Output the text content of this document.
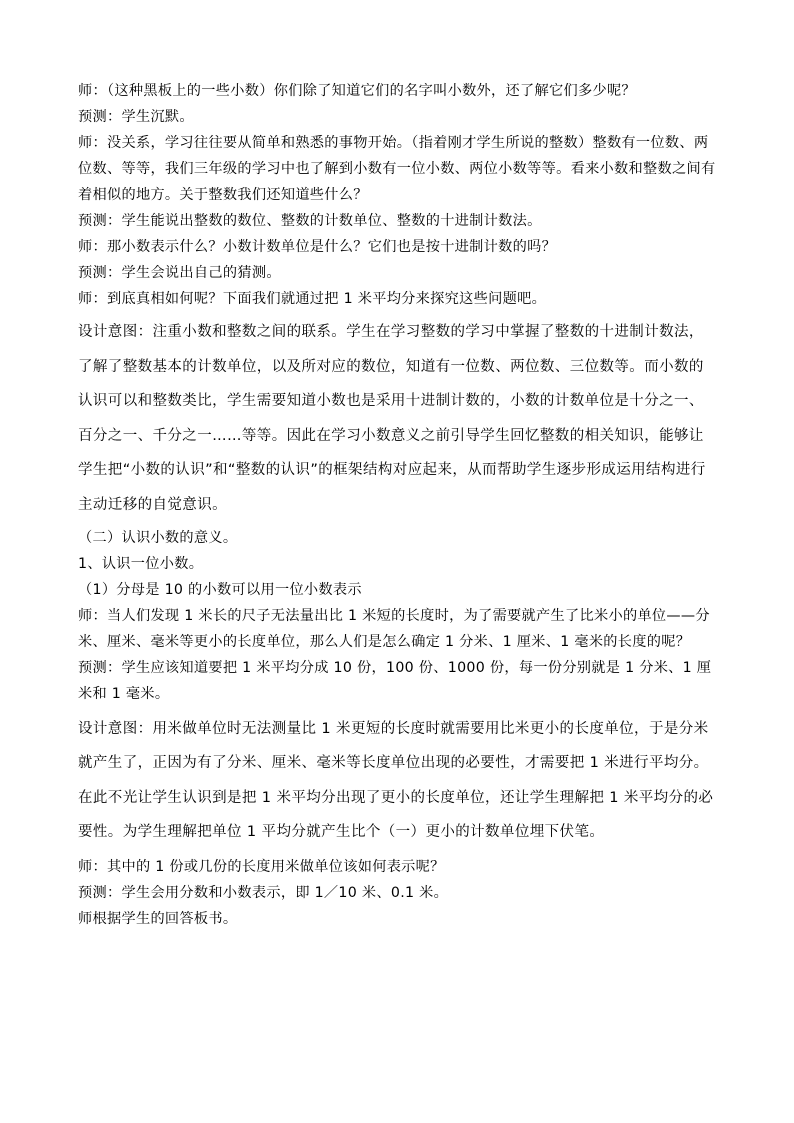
师：（这种黑板上的一些小数）你们除了知道它们的名字叫小数外，还了解它们多少呢？

预测：学生沉默。

师：没关系，学习往往要从简单和熟悉的事物开始。（指着刚才学生所说的整数）整数有一位数、两位数、等等，我们三年级的学习中也了解到小数有一位小数、两位小数等等。看来小数和整数之间有着相似的地方。关于整数我们还知道些什么？

预测：学生能说出整数的数位、整数的计数单位、整数的十进制计数法。

师：那小数表示什么？小数计数单位是什么？它们也是按十进制计数的吗？

预测：学生会说出自己的猜测。

师：到底真相如何呢？下面我们就通过把 1 米平均分来探究这些问题吧。

设计意图：注重小数和整数之间的联系。学生在学习整数的学习中掌握了整数的十进制计数法，了解了整数基本的计数单位，以及所对应的数位，知道有一位数、两位数、三位数等。而小数的认识可以和整数类比，学生需要知道小数也是采用十进制计数的，小数的计数单位是十分之一、百分之一、千分之一……等等。因此在学习小数意义之前引导学生回忆整数的相关知识，能够让学生把“小数的认识”和“整数的认识”的框架结构对应起来，从而帮助学生逐步形成运用结构进行主动迁移的自觉意识。

（二）认识小数的意义。

1、认识一位小数。

（1）分母是 10 的小数可以用一位小数表示

师：当人们发现 1 米长的尺子无法量出比 1 米短的长度时，为了需要就产生了比米小的单位——分米、厘米、毫米等更小的长度单位，那么人们是怎么确定 1 分米、1 厘米、1 毫米的长度的呢？

预测：学生应该知道要把 1 米平均分成 10 份，100 份、1000 份，每一份分别就是 1 分米、1 厘米和 1 毫米。

设计意图：用米做单位时无法测量比 1 米更短的长度时就需要用比米更小的长度单位，于是分米就产生了，正因为有了分米、厘米、毫米等长度单位出现的必要性，才需要把 1 米进行平均分。在此不光让学生认识到是把 1 米平均分出现了更小的长度单位，还让学生理解把 1 米平均分的必要性。为学生理解把单位 1 平均分就产生比个（一）更小的计数单位埋下伏笔。

师：其中的 1 份或几份的长度用米做单位该如何表示呢？

预测：学生会用分数和小数表示，即 1／10 米、0.1 米。

师根据学生的回答板书。
